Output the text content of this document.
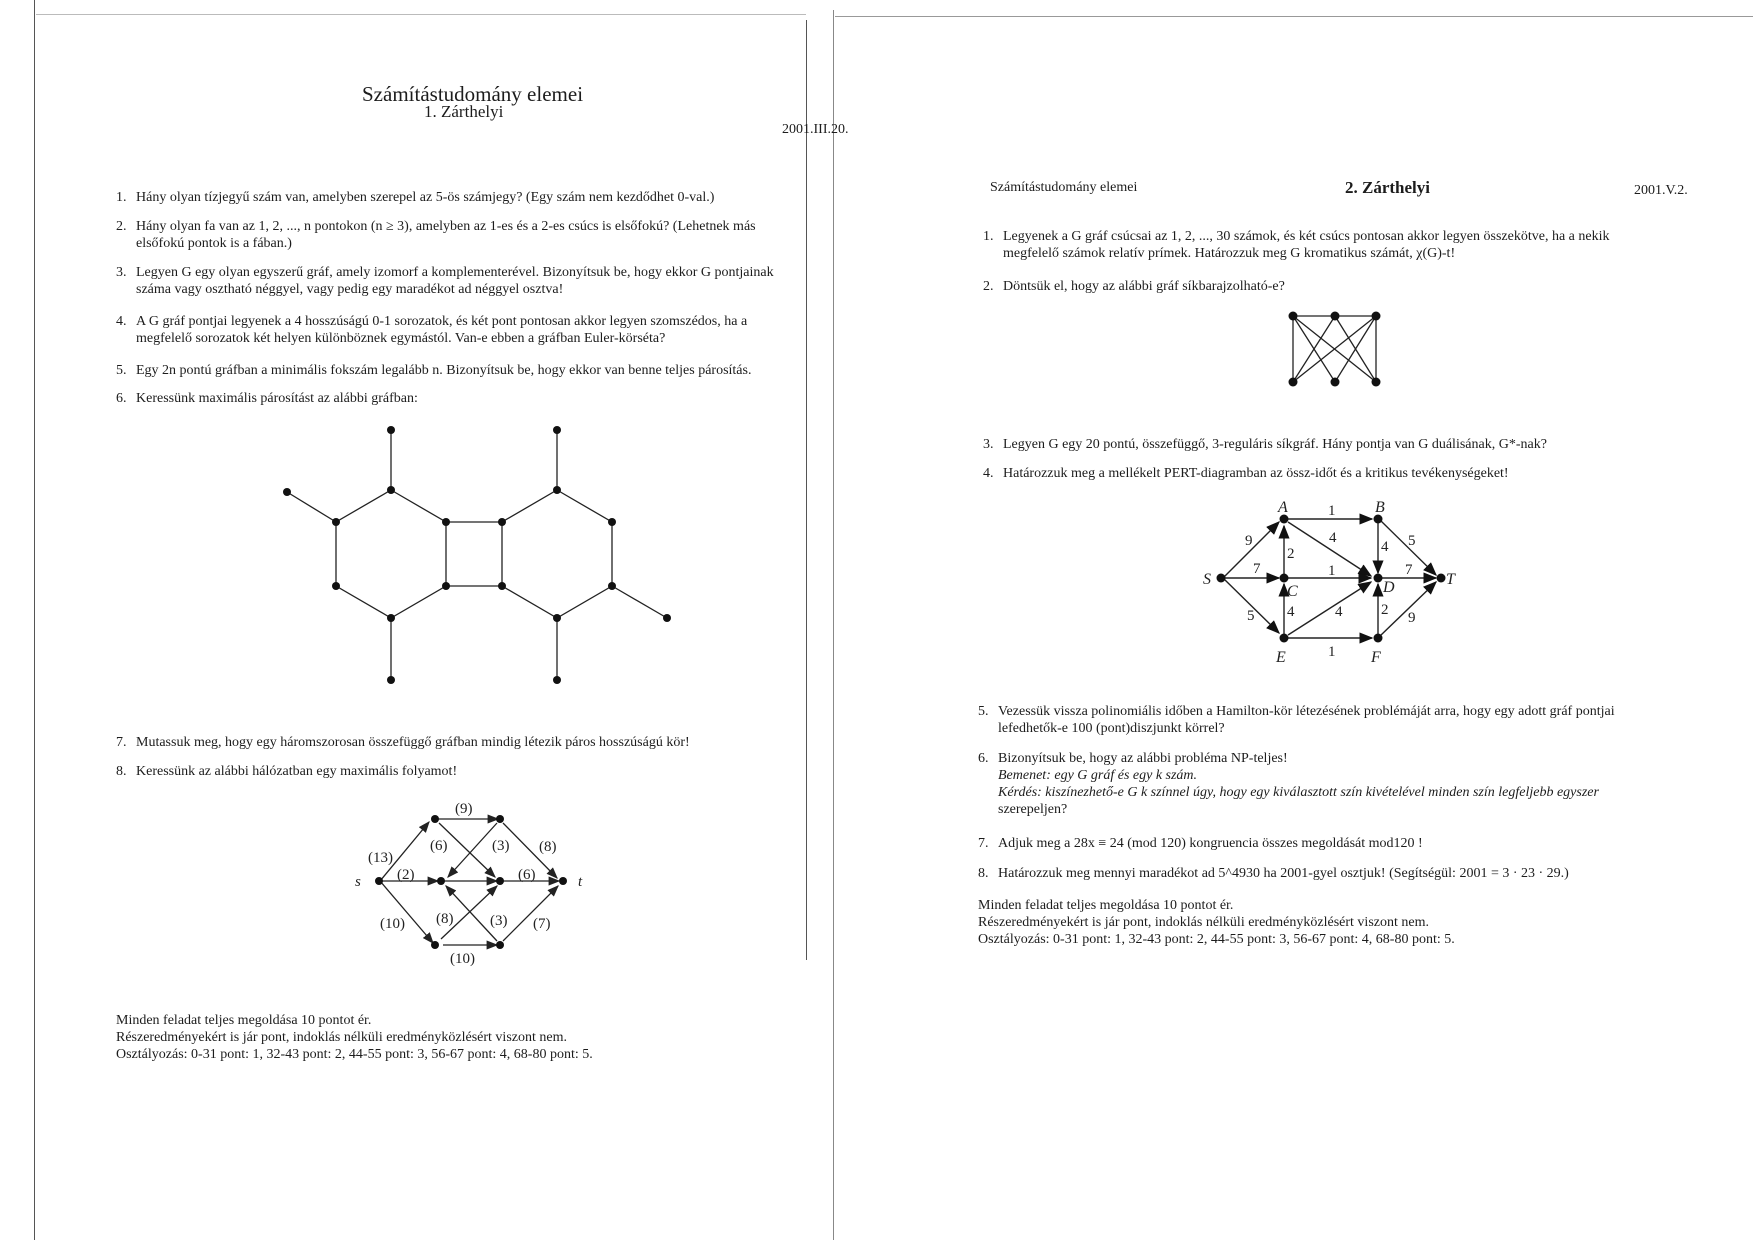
Számítástudomány elemei
1. Zárthelyi
2001.III.20.
1. Hány olyan tízjegyű szám van, amelyben szerepel az 5-ös számjegy? (Egy szám nem kezdődhet 0-val.)
2. Hány olyan fa van az 1, 2, ..., n pontokon (n ≥ 3), amelyben az 1-es és a 2-es csúcs is elsőfokú? (Lehetnek más
elsőfokú pontok is a fában.)
3. Legyen G egy olyan egyszerű gráf, amely izomorf a komplementerével. Bizonyítsuk be, hogy ekkor G pontjainak
száma vagy osztható néggyel, vagy pedig egy maradékot ad néggyel osztva!
4. A G gráf pontjai legyenek a 4 hosszúságú 0-1 sorozatok, és két pont pontosan akkor legyen szomszédos, ha a
megfelelő sorozatok két helyen különböznek egymástól. Van-e ebben a gráfban Euler-körséta?
5. Egy 2n pontú gráfban a minimális fokszám legalább n. Bizonyítsuk be, hogy ekkor van benne teljes párosítás.
6. Keressünk maximális párosítást az alábbi gráfban:
7. Mutassuk meg, hogy egy háromszorosan összefüggő gráfban mindig létezik páros hosszúságú kör!
8. Keressünk az alábbi hálózatban egy maximális folyamot!
s	t
(9)
(13)
(6)	(3) (8)
(2)	(6)
(10) (8) (3) (7)
(10)
Minden feladat teljes megoldása 10 pontot ér.
Részeredményekért is jár pont, indoklás nélküli eredményközlésért viszont nem.
Osztályozás: 0-31 pont: 1, 32-43 pont: 2, 44-55 pont: 3, 56-67 pont: 4, 68-80 pont: 5.
Számítástudomány elemei	2. Zárthelyi	2001.V.2.
1. Legyenek a G gráf csúcsai az 1, 2, ..., 30 számok, és két csúcs pontosan akkor legyen összekötve, ha a nekik
megfelelő számok relatív prímek. Határozzuk meg G kromatikus számát, χ(G)-t!
2. Döntsük el, hogy az alábbi gráf síkbarajzolható-e?
3. Legyen G egy 20 pontú, összefüggő, 3-reguláris síkgráf. Hány pontja van G duálisának, G*-nak?
4. Határozzuk meg a mellékelt PERT-diagramban az össz-időt és a kritikus tevékenységeket!
S
A	B
C	D
E	F
T
9
7
5
1
2
1
4
4 5
7
4	4	2
1
9
5. Vezessük vissza polinomiális időben a Hamilton-kör létezésének problémáját arra, hogy egy adott gráf pontjai
lefedhetők-e 100 (pont)diszjunkt körrel?
6. Bizonyítsuk be, hogy az alábbi probléma NP-teljes!
Bemenet: egy G gráf és egy k szám.
Kérdés: kiszínezhető-e G k színnel úgy, hogy egy kiválasztott szín kivételével minden szín legfeljebb egyszer
szerepeljen?
7. Adjuk meg a 28x ≡ 24 (mod 120) kongruencia összes megoldását mod120 !
8. Határozzuk meg mennyi maradékot ad 5^4930 ha 2001-gyel osztjuk! (Segítségül: 2001 = 3 · 23 · 29.)
Minden feladat teljes megoldása 10 pontot ér.
Részeredményekért is jár pont, indoklás nélküli eredményközlésért viszont nem.
Osztályozás: 0-31 pont: 1, 32-43 pont: 2, 44-55 pont: 3, 56-67 pont: 4, 68-80 pont: 5.
